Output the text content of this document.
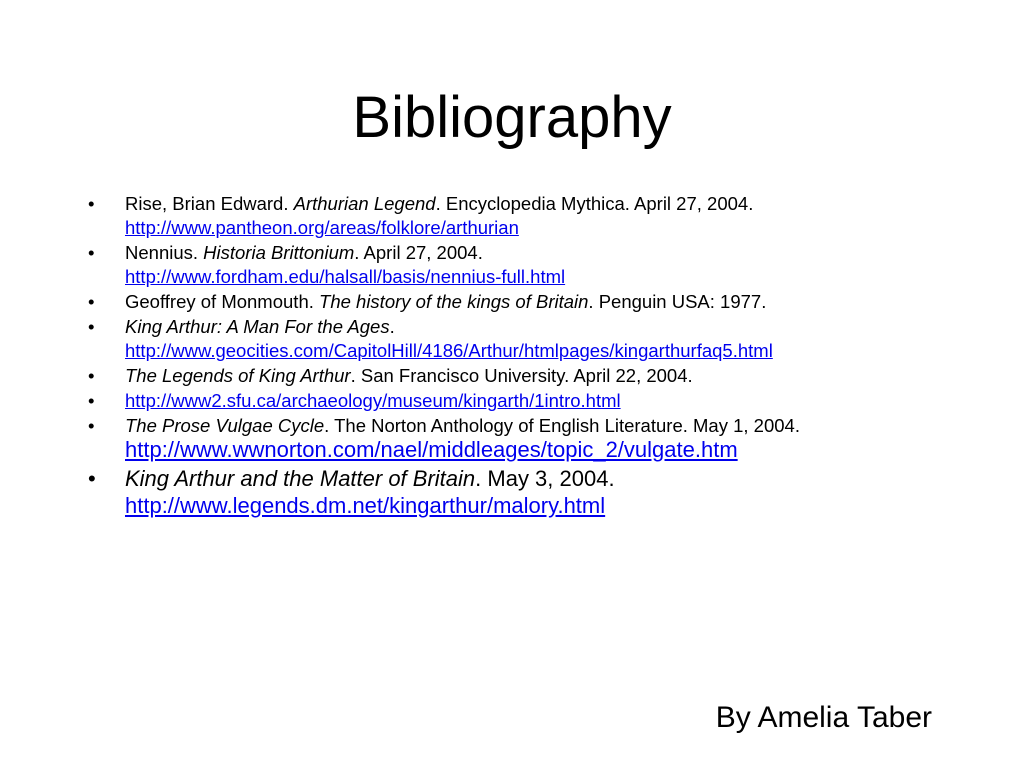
Bibliography
• Rise, Brian Edward. Arthurian Legend. Encyclopedia Mythica. April 27, 2004.
http://www.pantheon.org/areas/folklore/arthurian
• Nennius. Historia Brittonium. April 27, 2004.
http://www.fordham.edu/halsall/basis/nennius-full.html
• Geoffrey of Monmouth. The history of the kings of Britain. Penguin USA: 1977.
• King Arthur: A Man For the Ages.
http://www.geocities.com/CapitolHill/4186/Arthur/htmlpages/kingarthurfaq5.html
• The Legends of King Arthur. San Francisco University. April 22, 2004.
• http://www2.sfu.ca/archaeology/museum/kingarth/1intro.html
• The Prose Vulgae Cycle. The Norton Anthology of English Literature. May 1, 2004. http://www.wwnorton.com/nael/middleages/topic_2/vulgate.htm
• King Arthur and the Matter of Britain. May 3, 2004.
http://www.legends.dm.net/kingarthur/malory.html

By Amelia Taber
